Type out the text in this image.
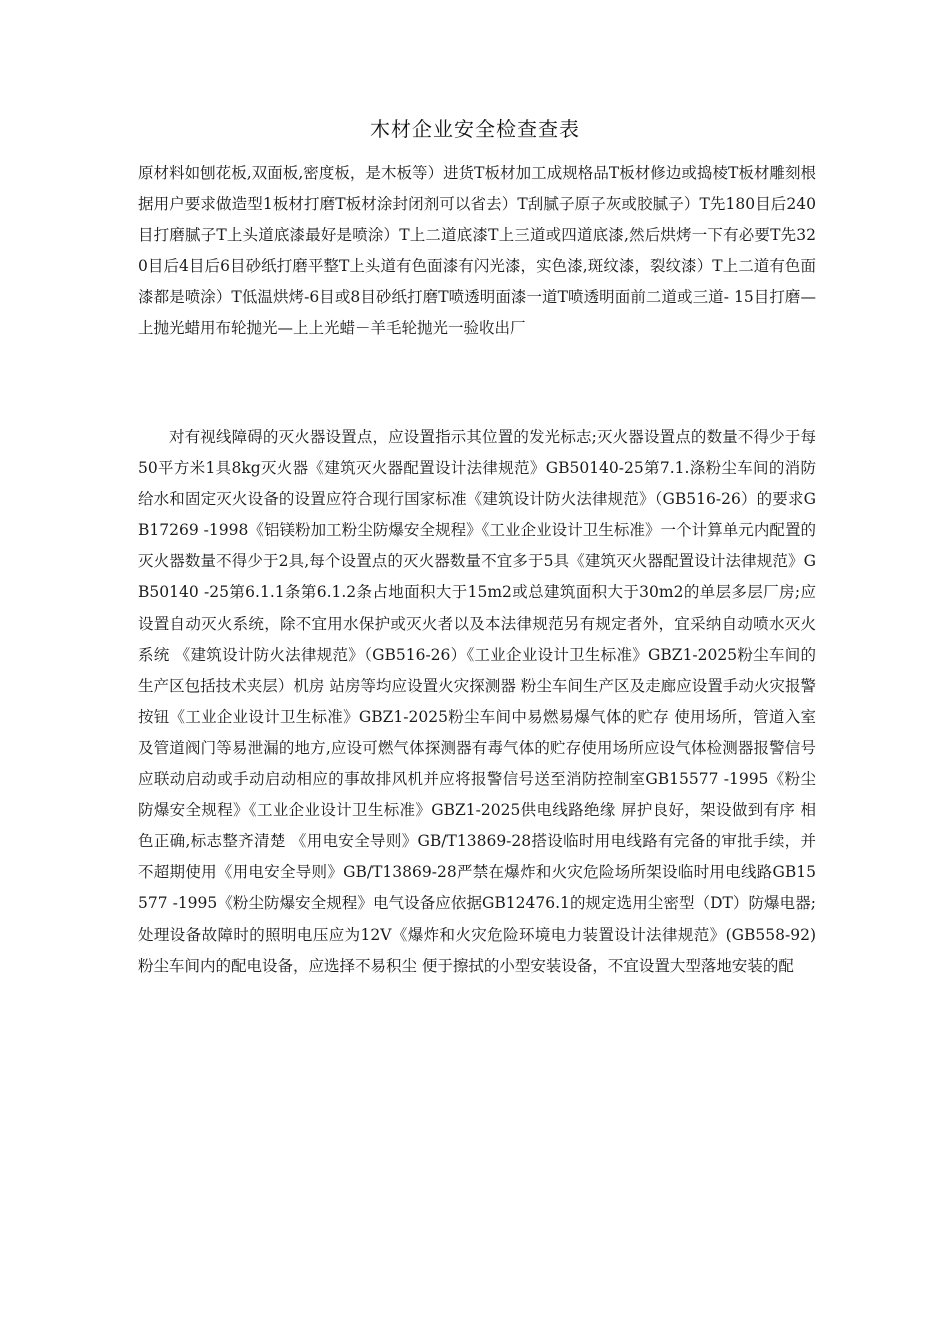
木材企业安全检查查表

原材料如刨花板,双面板,密度板，是木板等）进货T板材加工成规格品T板材修边或捣棱T板材雕刻根据用户要求做造型1板材打磨T板材涂封闭剂可以省去）T刮腻子原子灰或胶腻子）T先180目后240目打磨腻子T上头道底漆最好是喷涂）T上二道底漆T上三道或四道底漆,然后烘烤一下有必要T先320目后4目后6目砂纸打磨平整T上头道有色面漆有闪光漆，实色漆,斑纹漆，裂纹漆）T上二道有色面漆都是喷涂）T低温烘烤-6目或8目砂纸打磨T喷透明面漆一道T喷透明面前二道或三道- 15目打磨—上抛光蜡用布轮抛光—上上光蜡－羊毛轮抛光一验收出厂

对有视线障碍的灭火器设置点，应设置指示其位置的发光标志;灭火器设置点的数量不得少于每50平方米1具8kg灭火器《建筑灭火器配置设计法律规范》GB50140-25第7.1.涤粉尘车间的消防给水和固定灭火设备的设置应符合现行国家标准《建筑设计防火法律规范》（GB516-26）的要求GB17269 -1998《铝镁粉加工粉尘防爆安全规程》《工业企业设计卫生标准》一个计算单元内配置的灭火器数量不得少于2具,每个设置点的灭火器数量不宜多于5具《建筑灭火器配置设计法律规范》GB50140 -25第6.1.1条第6.1.2条占地面积大于15m2或总建筑面积大于30m2的单层多层厂房;应设置自动灭火系统，除不宜用水保护或灭火者以及本法律规范另有规定者外，宜采纳自动喷水灭火系统 《建筑设计防火法律规范》（GB516-26）《工业企业设计卫生标准》GBZ1-2025粉尘车间的生产区包括技术夹层）机房 站房等均应设置火灾探测器 粉尘车间生产区及走廊应设置手动火灾报警按钮《工业企业设计卫生标准》GBZ1-2025粉尘车间中易燃易爆气体的贮存 使用场所，管道入室及管道阀门等易泄漏的地方,应设可燃气体探测器有毒气体的贮存使用场所应设气体检测器报警信号应联动启动或手动启动相应的事故排风机并应将报警信号送至消防控制室GB15577 -1995《粉尘防爆安全规程》《工业企业设计卫生标准》GBZ1-2025供电线路绝缘 屏护良好，架设做到有序 相色正确,标志整齐清楚 《用电安全导则》GB/T13869-28搭设临时用电线路有完备的审批手续，并不超期使用《用电安全导则》GB/T13869-28严禁在爆炸和火灾危险场所架设临时用电线路GB15577 -1995《粉尘防爆安全规程》电气设备应依据GB12476.1的规定选用尘密型（DT）防爆电器;处理设备故障时的照明电压应为12V《爆炸和火灾危险环境电力装置设计法律规范》(GB558-92)粉尘车间内的配电设备，应选择不易积尘 便于擦拭的小型安装设备，不宜设置大型落地安装的配
